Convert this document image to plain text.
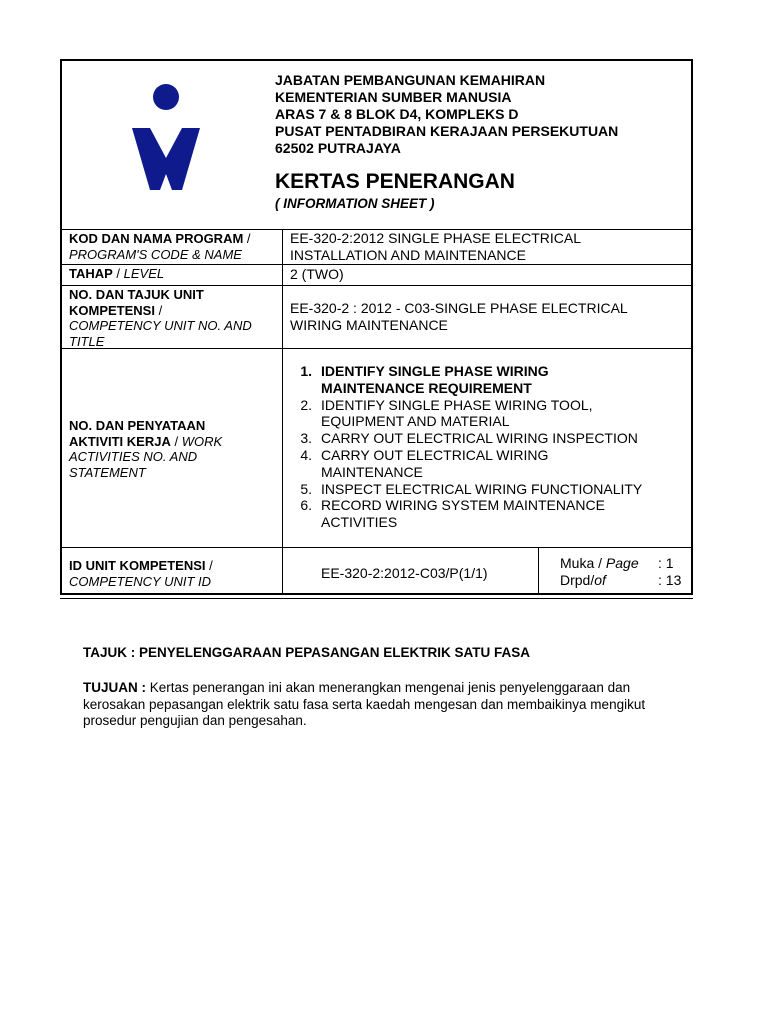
JABATAN PEMBANGUNAN KEMAHIRAN
KEMENTERIAN SUMBER MANUSIA
ARAS 7 & 8 BLOK D4, KOMPLEKS D
PUSAT PENTADBIRAN KERAJAAN PERSEKUTUAN
62502 PUTRAJAYA
KERTAS PENERANGAN
( INFORMATION SHEET )
KOD DAN NAMA PROGRAM /
PROGRAM'S CODE & NAME
EE-320-2:2012 SINGLE PHASE ELECTRICAL
INSTALLATION AND MAINTENANCE
TAHAP / LEVEL	2 (TWO)
NO. DAN TAJUK UNIT
KOMPETENSI /
COMPETENCY UNIT NO. AND
TITLE
EE-320-2 : 2012 - C03-SINGLE PHASE ELECTRICAL
WIRING MAINTENANCE
NO. DAN PENYATAAN
AKTIVITI KERJA / WORK
ACTIVITIES NO. AND
STATEMENT
1. IDENTIFY SINGLE PHASE WIRING
MAINTENANCE REQUIREMENT
2. IDENTIFY SINGLE PHASE WIRING TOOL,
EQUIPMENT AND MATERIAL
3. CARRY OUT ELECTRICAL WIRING INSPECTION
4. CARRY OUT ELECTRICAL WIRING
MAINTENANCE
5. INSPECT ELECTRICAL WIRING FUNCTIONALITY
6. RECORD WIRING SYSTEM MAINTENANCE
ACTIVITIES
ID UNIT KOMPETENSI /
COMPETENCY UNIT ID	EE-320-2:2012-C03/P(1/1)
Muka / Page
Drpd/of
: 1
: 13
TAJUK : PENYELENGGARAAN PEPASANGAN ELEKTRIK SATU FASA
TUJUAN : Kertas penerangan ini akan menerangkan mengenai jenis penyelenggaraan dan kerosakan pepasangan elektrik satu fasa serta kaedah mengesan dan membaikinya mengikut prosedur pengujian dan pengesahan.
